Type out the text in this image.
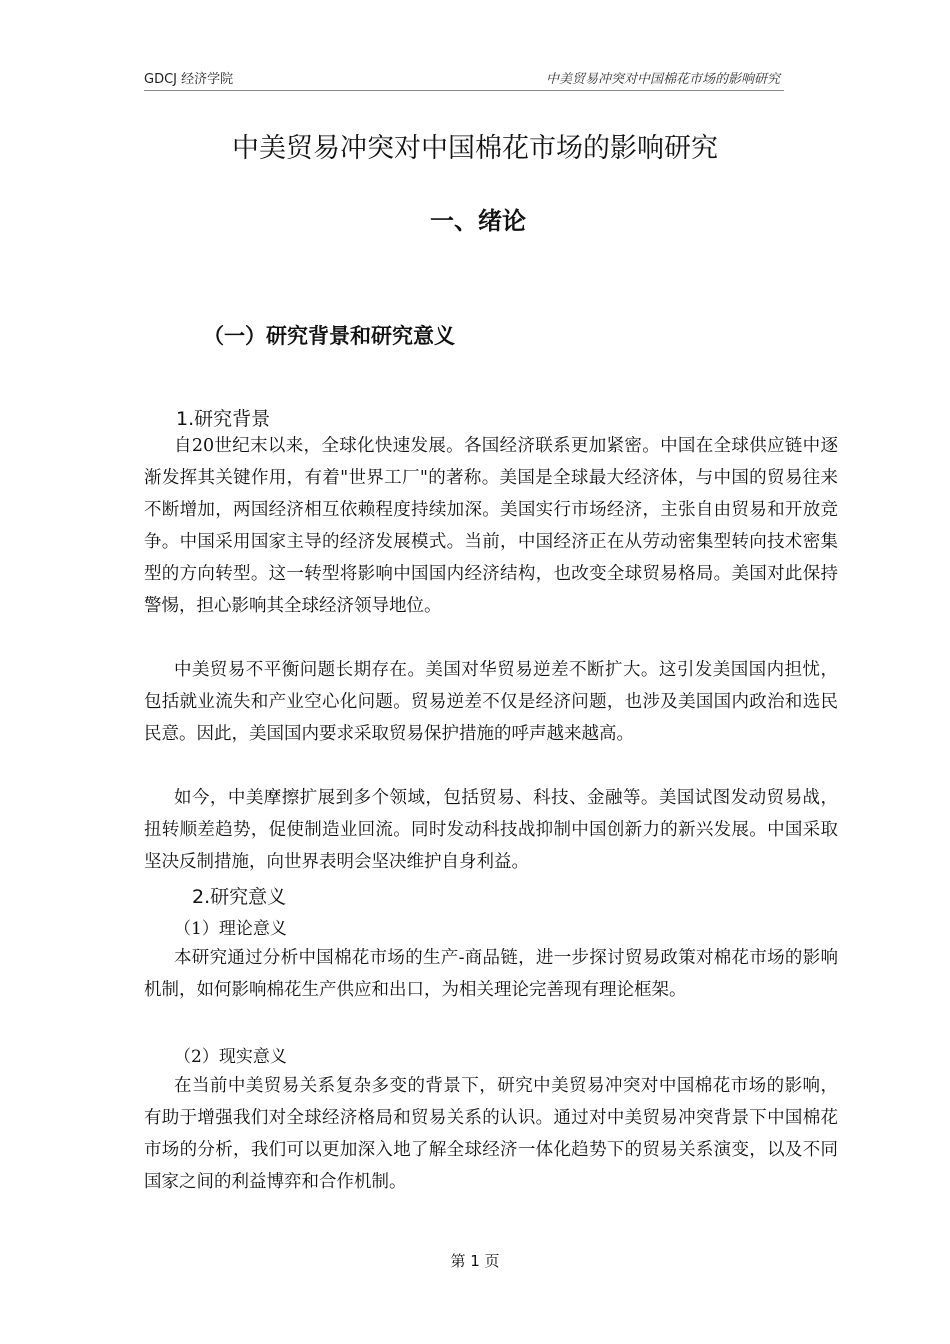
GDCJ 经济学院	中美贸易冲突对中国棉花市场的影响研究
中美贸易冲突对中国棉花市场的影响研究
一、绪论
（一）研究背景和研究意义
1.研究背景

自20世纪末以来，全球化快速发展。各国经济联系更加紧密。中国在全球供应链中逐渐发挥其关键作用，有着"世界工厂"的著称。美国是全球最大经济体，与中国的贸易往来不断增加，两国经济相互依赖程度持续加深。美国实行市场经济，主张自由贸易和开放竞争。中国采用国家主导的经济发展模式。当前，中国经济正在从劳动密集型转向技术密集型的方向转型。这一转型将影响中国国内经济结构，也改变全球贸易格局。美国对此保持警惕，担心影响其全球经济领导地位。

中美贸易不平衡问题长期存在。美国对华贸易逆差不断扩大。这引发美国国内担忧，包括就业流失和产业空心化问题。贸易逆差不仅是经济问题，也涉及美国国内政治和选民民意。因此，美国国内要求采取贸易保护措施的呼声越来越高。

如今，中美摩擦扩展到多个领域，包括贸易、科技、金融等。美国试图发动贸易战，扭转顺差趋势，促使制造业回流。同时发动科技战抑制中国创新力的新兴发展。中国采取坚决反制措施，向世界表明会坚决维护自身利益。

2.研究意义
（1）理论意义

本研究通过分析中国棉花市场的生产-商品链，进一步探讨贸易政策对棉花市场的影响机制，如何影响棉花生产供应和出口，为相关理论完善现有理论框架。

（2）现实意义

在当前中美贸易关系复杂多变的背景下，研究中美贸易冲突对中国棉花市场的影响，有助于增强我们对全球经济格局和贸易关系的认识。通过对中美贸易冲突背景下中国棉花市场的分析，我们可以更加深入地了解全球经济一体化趋势下的贸易关系演变，以及不同国家之间的利益博弈和合作机制。

第 1 页
